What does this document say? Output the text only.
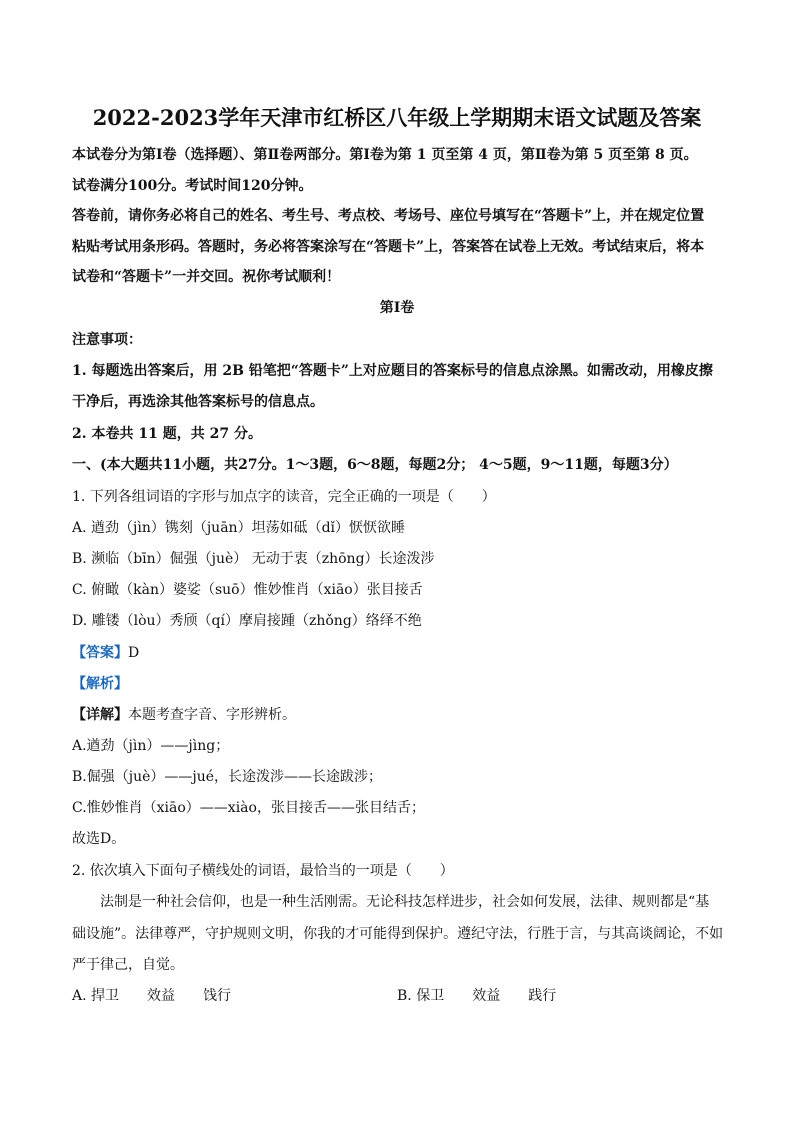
2022-2023学年天津市红桥区八年级上学期期末语文试题及答案
本试卷分为第Ⅰ卷（选择题）、第Ⅱ卷两部分。第Ⅰ卷为第 1 页至第 4 页，第Ⅱ卷为第 5 页至第 8 页。
试卷满分100分。考试时间120分钟。
答卷前，请你务必将自己的姓名、考生号、考点校、考场号、座位号填写在“答题卡”上，并在规定位置
粘贴考试用条形码。答题时，务必将答案涂写在“答题卡”上，答案答在试卷上无效。考试结束后，将本
试卷和“答题卡”一并交回。祝你考试顺利！
第Ⅰ卷
注意事项：
1. 每题选出答案后，用 2B 铅笔把“答题卡”上对应题目的答案标号的信息点涂黑。如需改动，用橡皮擦
干净后，再选涂其他答案标号的信息点。
2. 本卷共 11 题，共 27 分。
一、(本大题共11小题，共27分。1～3题，6～8题，每题2分； 4～5题，9～11题，每题3分）
1. 下列各组词语的字形与加点字的读音，完全正确的一项是（　　）
A. 遒劲（jìn）镌刻（juān）坦荡如砥（dǐ）恹恹欲睡
B. 濒临（bīn）倔强（juè） 无动于衷（zhōng）长途泼涉
C. 俯瞰（kàn）婆娑（suō）惟妙惟肖（xiāo）张目接舌
D. 雕镂（lòu）秀颀（qí）摩肩接踵（zhǒng）络绎不绝
【答案】D
【解析】
【详解】本题考查字音、字形辨析。
A.遒劲（jìn）——jìng；
B.倔强（juè）——jué，长途泼涉——长途跋涉；
C.惟妙惟肖（xiāo）——xiào，张目接舌——张目结舌；
故选D。
2. 依次填入下面句子横线处的词语，最恰当的一项是（　　）
法制是一种社会信仰，也是一种生活刚需。无论科技怎样进步，社会如何发展，法律、规则都是“基
础设施”。法律尊严，守护规则文明，你我的才可能得到保护。遵纪守法，行胜于言，与其高谈阔论，不如
严于律己，自觉。
A. 捍卫　　效益　　饯行	B. 保卫　　效益　　践行
